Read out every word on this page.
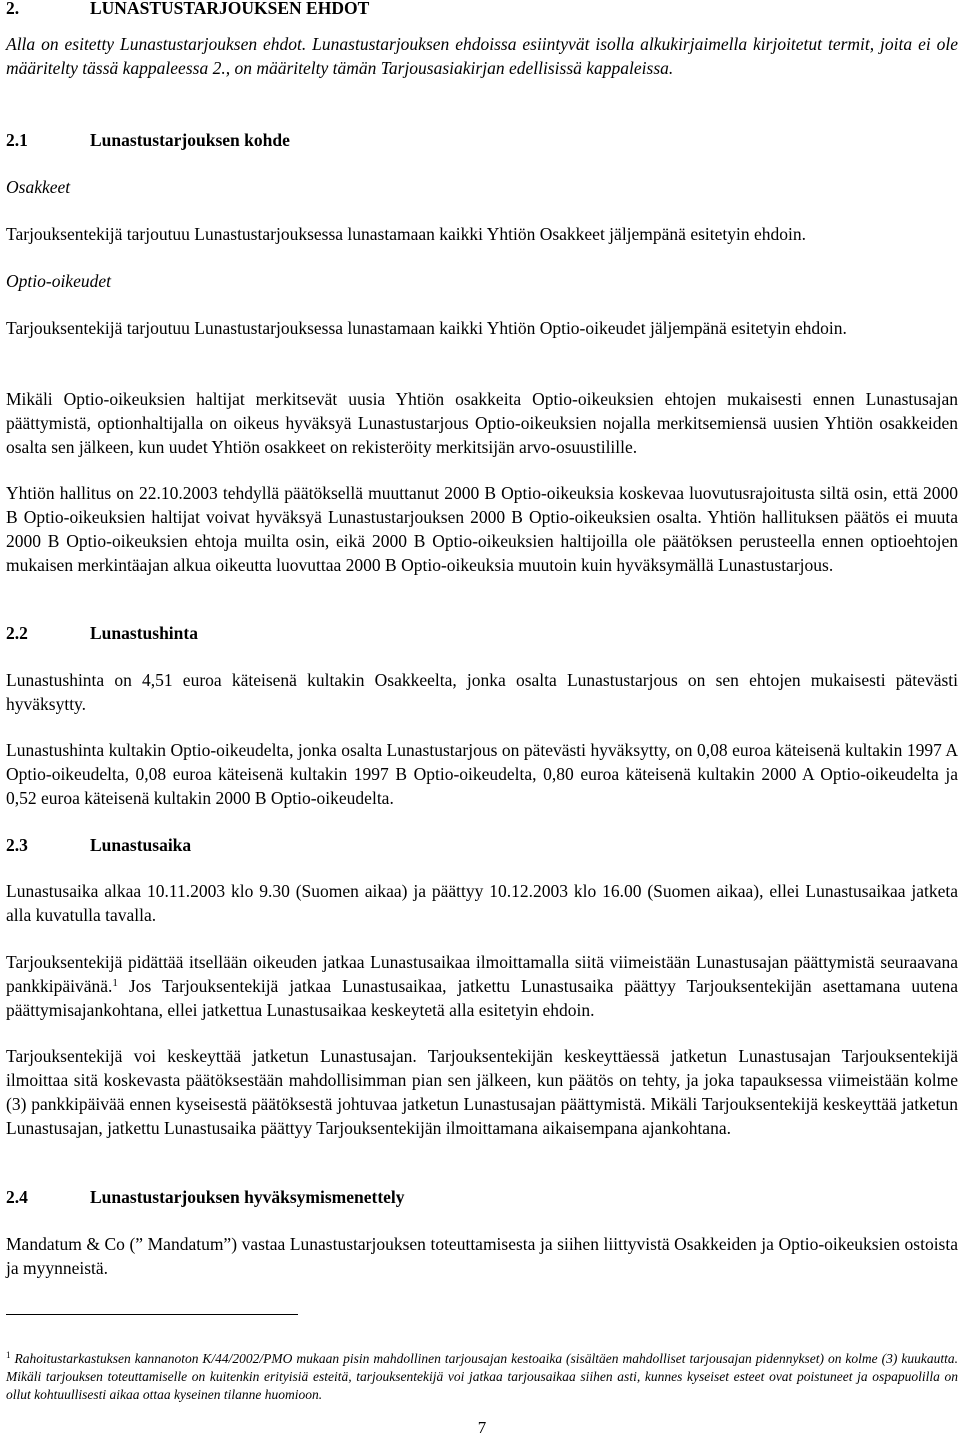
2.	LUNASTUSTARJOUKSEN EHDOT
Alla on esitetty Lunastustarjouksen ehdot. Lunastustarjouksen ehdoissa esiintyvät isolla alkukirjaimella kirjoitetut termit, joita ei ole määritelty tässä kappaleessa 2., on määritelty tämän Tarjousasiakirjan edellisissä kappaleissa.
2.1	Lunastustarjouksen kohde
Osakkeet
Tarjouksentekijä tarjoutuu Lunastustarjouksessa lunastamaan kaikki Yhtiön Osakkeet jäljempänä esitetyin ehdoin.
Optio-oikeudet
Tarjouksentekijä tarjoutuu Lunastustarjouksessa lunastamaan kaikki Yhtiön Optio-oikeudet jäljempänä esitetyin ehdoin.
Mikäli Optio-oikeuksien haltijat merkitsevät uusia Yhtiön osakkeita Optio-oikeuksien ehtojen mukaisesti ennen Lunastusajan päättymistä, optionhaltijalla on oikeus hyväksyä Lunastustarjous Optio-oikeuksien nojalla merkitsemiensä uusien Yhtiön osakkeiden osalta sen jälkeen, kun uudet Yhtiön osakkeet on rekisteröity merkitsijän arvo-osuustilille.
Yhtiön hallitus on 22.10.2003 tehdyllä päätöksellä muuttanut 2000 B Optio-oikeuksia koskevaa luovutusrajoitusta siltä osin, että 2000 B Optio-oikeuksien haltijat voivat hyväksyä Lunastustarjouksen 2000 B Optio-oikeuksien osalta. Yhtiön hallituksen päätös ei muuta 2000 B Optio-oikeuksien ehtoja muilta osin, eikä 2000 B Optio-oikeuksien haltijoilla ole päätöksen perusteella ennen optioehtojen mukaisen merkintäajan alkua oikeutta luovuttaa 2000 B Optio-oikeuksia muutoin kuin hyväksymällä Lunastustarjous.
2.2	Lunastushinta
Lunastushinta on 4,51 euroa käteisenä kultakin Osakkeelta, jonka osalta Lunastustarjous on sen ehtojen mukaisesti pätevästi hyväksytty.
Lunastushinta kultakin Optio-oikeudelta, jonka osalta Lunastustarjous on pätevästi hyväksytty, on 0,08 euroa käteisenä kultakin 1997 A Optio-oikeudelta, 0,08 euroa käteisenä kultakin 1997 B Optio-oikeudelta, 0,80 euroa käteisenä kultakin 2000 A Optio-oikeudelta ja 0,52 euroa käteisenä kultakin 2000 B Optio-oikeudelta.
2.3	Lunastusaika
Lunastusaika alkaa 10.11.2003 klo 9.30 (Suomen aikaa) ja päättyy 10.12.2003 klo 16.00 (Suomen aikaa), ellei Lunastusaikaa jatketa alla kuvatulla tavalla.
Tarjouksentekijä pidättää itsellään oikeuden jatkaa Lunastusaikaa ilmoittamalla siitä viimeistään Lunastusajan päättymistä seuraavana pankkipäivänä.$^1$ Jos Tarjouksentekijä jatkaa Lunastusaikaa, jatkettu Lunastusaika päättyy Tarjouksentekijän asettamana uutena päättymisajankohtana, ellei jatkettua Lunastusaikaa keskeytetä alla esitetyin ehdoin.
Tarjouksentekijä voi keskeyttää jatketun Lunastusajan. Tarjouksentekijän keskeyttäessä jatketun Lunastusajan Tarjouksentekijä ilmoittaa sitä koskevasta päätöksestään mahdollisimman pian sen jälkeen, kun päätös on tehty, ja joka tapauksessa viimeistään kolme (3) pankkipäivää ennen kyseisestä päätöksestä johtuvaa jatketun Lunastusajan päättymistä. Mikäli Tarjouksentekijä keskeyttää jatketun Lunastusajan, jatkettu Lunastusaika päättyy Tarjouksentekijän ilmoittamana aikaisempana ajankohtana.
2.4	Lunastustarjouksen hyväksymismenettely
Mandatum & Co (” Mandatum”) vastaa Lunastustarjouksen toteuttamisesta ja siihen liittyvistä Osakkeiden ja Optio-oikeuksien ostoista ja myynneistä.
$^1$ Rahoitustarkastuksen kannanoton K/44/2002/PMO mukaan pisin mahdollinen tarjousajan kestoaika (sisältäen mahdolliset tarjousajan pidennykset) on kolme (3) kuukautta. Mikäli tarjouksen toteuttamiselle on kuitenkin erityisiä esteitä, tarjouksentekijä voi jatkaa tarjousaikaa siihen asti, kunnes kyseiset esteet ovat poistuneet ja ospapuolilla on ollut kohtuullisesti aikaa ottaa kyseinen tilanne huomioon.
7
